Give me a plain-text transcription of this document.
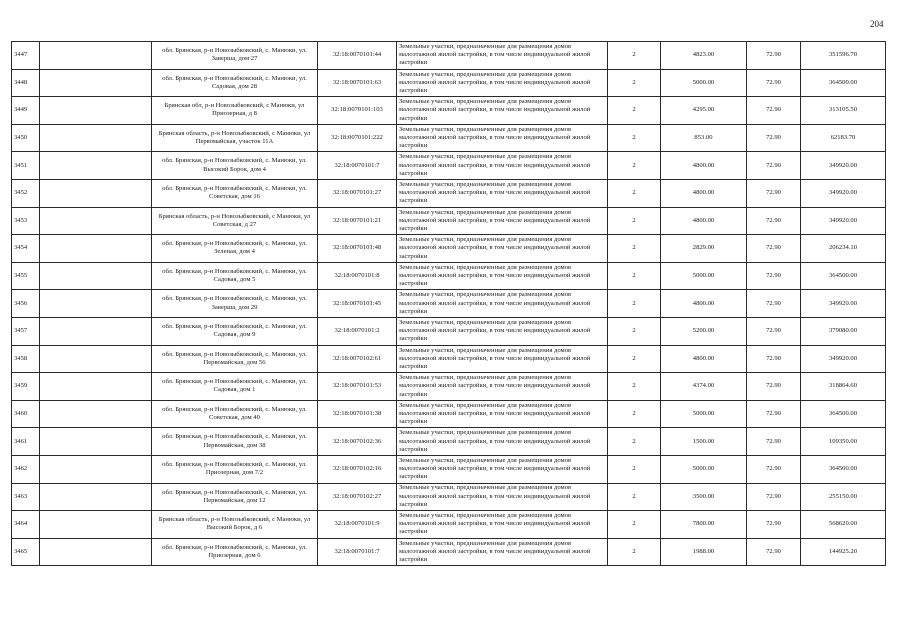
204
3447		обл. Брянская, р-н Новозыбковский, с. Манюки, ул. Заверша, дом 27	32:18:0070101:44	Земельные участки, предназначенные для размещения домов малоэтажной жилой застройки, в том числе индивидуальной жилой застройки	2	4823.00	72.90	351596.70
3448		обл. Брянская, р-н Новозыбковский, с. Манюки, ул. Садовая, дом 28	32:18:0070101:63	Земельные участки, предназначенные для размещения домов малоэтажной жилой застройки, в том числе индивидуальной жилой застройки	2	5000.00	72.90	364500.00
3449		Брянская обл, р-н Новозыбковский, с Манюки, ул Приозерная, д 8	32:18:0070101:103	Земельные участки, предназначенные для размещения домов малоэтажной жилой застройки, в том числе индивидуальной жилой застройки	2	4295.00	72.90	313105.50
3450		Брянская область, р-н Новозыбковский, с Манюки, ул Первомайская, участок 11А	32:18:0070101:222	Земельные участки, предназначенные для размещения домов малоэтажной жилой застройки, в том числе индивидуальной жилой застройки	2	853.00	72.90	62183.70
3451		обл. Брянская, р-н Новозыбковский, с. Манюки, ул. Высокий Борок, дом 4	32:18:0070101:7	Земельные участки, предназначенные для размещения домов малоэтажной жилой застройки, в том числе индивидуальной жилой застройки	2	4800.00	72.90	349920.00
3452		обл. Брянская, р-н Новозыбковский, с. Манюки, ул. Советская, дом 16	32:18:0070101:27	Земельные участки, предназначенные для размещения домов малоэтажной жилой застройки, в том числе индивидуальной жилой застройки	2	4800.00	72.90	349920.00
3453		Брянская область, р-н Новозыбковский, с Манюки, ул Советская, д 27	32:18:0070101:21	Земельные участки, предназначенные для размещения домов малоэтажной жилой застройки, в том числе индивидуальной жилой застройки	2	4800.00	72.90	349920.00
3454		обл. Брянская, р-н Новозыбковский, с. Манюки, ул. Зеленая, дом 4	32:18:0070101:48	Земельные участки, предназначенные для размещения домов малоэтажной жилой застройки, в том числе индивидуальной жилой застройки	2	2829.00	72.90	206234.10
3455		обл. Брянская, р-н Новозыбковский, с. Манюки, ул. Садовая, дом 5	32:18:0070101:8	Земельные участки, предназначенные для размещения домов малоэтажной жилой застройки, в том числе индивидуальной жилой застройки	2	5000.00	72.90	364500.00
3456		обл. Брянская, р-н Новозыбковский, с. Манюки, ул. Заверша, дом 29	32:18:0070101:45	Земельные участки, предназначенные для размещения домов малоэтажной жилой застройки, в том числе индивидуальной жилой застройки	2	4800.00	72.90	349920.00
3457		обл. Брянская, р-н Новозыбковский, с. Манюки, ул. Садовая, дом 9	32:18:0070101:2	Земельные участки, предназначенные для размещения домов малоэтажной жилой застройки, в том числе индивидуальной жилой застройки	2	5200.00	72.90	379080.00
3458		обл. Брянская, р-н Новозыбковский, с. Манюки, ул. Первомайская, дом 56	32:18:0070102:61	Земельные участки, предназначенные для размещения домов малоэтажной жилой застройки, в том числе индивидуальной жилой застройки	2	4800.00	72.90	349920.00
3459		обл. Брянская, р-н Новозыбковский, с. Манюки, ул. Садовая, дом 1	32:18:0070101:53	Земельные участки, предназначенные для размещения домов малоэтажной жилой застройки, в том числе индивидуальной жилой застройки	2	4374.00	72.90	318864.60
3460		обл. Брянская, р-н Новозыбковский, с. Манюки, ул. Советская, дом 40	32:18:0070101:38	Земельные участки, предназначенные для размещения домов малоэтажной жилой застройки, в том числе индивидуальной жилой застройки	2	5000.00	72.90	364500.00
3461		обл. Брянская, р-н Новозыбковский, с. Манюки, ул. Первомайская, дом 38	32:18:0070102:36	Земельные участки, предназначенные для размещения домов малоэтажной жилой застройки, в том числе индивидуальной жилой застройки	2	1500.00	72.90	109350.00
3462		обл. Брянская, р-н Новозыбковский, с. Манюки, ул. Приозерная, дом 7/2	32:18:0070102:16	Земельные участки, предназначенные для размещения домов малоэтажной жилой застройки, в том числе индивидуальной жилой застройки	2	5000.00	72.90	364500.00
3463		обл. Брянская, р-н Новозыбковский, с. Манюки, ул. Первомайская, дом 12	32:18:0070102:27	Земельные участки, предназначенные для размещения домов малоэтажной жилой застройки, в том числе индивидуальной жилой застройки	2	3500.00	72.90	255150.00
3464		Брянская область, р-н Новозыбковский, с Манюки, ул Высокий Борок, д 6	32:18:0070101:9	Земельные участки, предназначенные для размещения домов малоэтажной жилой застройки, в том числе индивидуальной жилой застройки	2	7800.00	72.90	568620.00
3465		обл. Брянская, р-н Новозыбковский, с. Манюки, ул. Приозерная, дом 6	32:18:0070101:7	Земельные участки, предназначенные для размещения домов малоэтажной жилой застройки, в том числе индивидуальной жилой застройки	2	1988.00	72.90	144925.20
